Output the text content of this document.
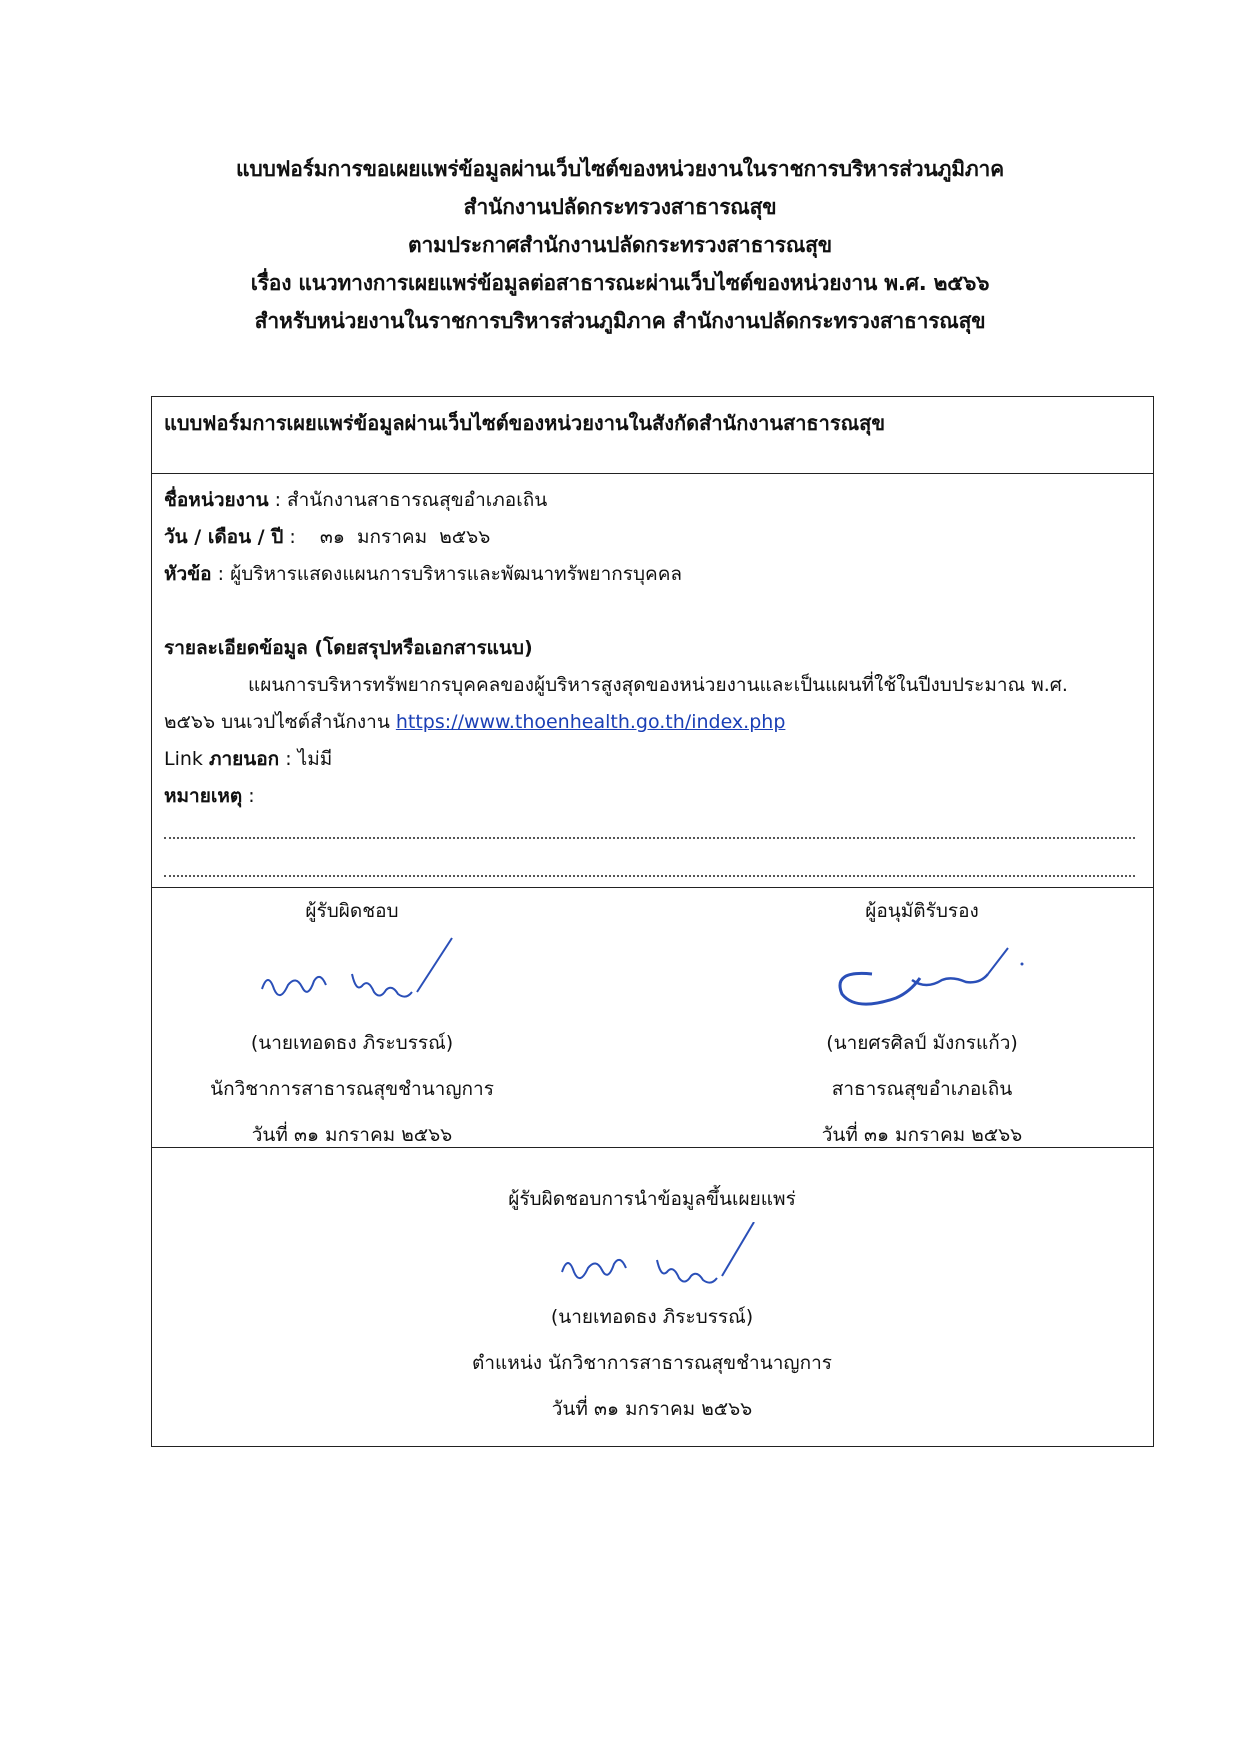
แบบฟอร์มการขอเผยแพร่ข้อมูลผ่านเว็บไซต์ของหน่วยงานในราชการบริหารส่วนภูมิภาค
สำนักงานปลัดกระทรวงสาธารณสุข
ตามประกาศสำนักงานปลัดกระทรวงสาธารณสุข
เรื่อง แนวทางการเผยแพร่ข้อมูลต่อสาธารณะผ่านเว็บไซต์ของหน่วยงาน พ.ศ. ๒๕๖๖
สำหรับหน่วยงานในราชการบริหารส่วนภูมิภาค สำนักงานปลัดกระทรวงสาธารณสุข
แบบฟอร์มการเผยแพร่ข้อมูลผ่านเว็บไซต์ของหน่วยงานในสังกัดสำนักงานสาธารณสุข
ชื่อหน่วยงาน : สำนักงานสาธารณสุขอำเภอเถิน
วัน / เดือน / ปี :    ๓๑  มกราคม  ๒๕๖๖
หัวข้อ : ผู้บริหารแสดงแผนการบริหารและพัฒนาทรัพยากรบุคคล
รายละเอียดข้อมูล (โดยสรุปหรือเอกสารแนบ)
แผนการบริหารทรัพยากรบุคคลของผู้บริหารสูงสุดของหน่วยงานและเป็นแผนที่ใช้ในปีงบประมาณ พ.ศ.
๒๕๖๖ บนเวปไซต์สำนักงาน https://www.thoenhealth.go.th/index.php
Link ภายนอก : ไม่มี
หมายเหตุ :
ผู้รับผิดชอบ
(นายเทอดธง ภิระบรรณ์)
นักวิชาการสาธารณสุขชำนาญการ
วันที่ ๓๑ มกราคม ๒๕๖๖
ผู้อนุมัติรับรอง
(นายศรศิลป์ มังกรแก้ว)
สาธารณสุขอำเภอเถิน
วันที่ ๓๑ มกราคม ๒๕๖๖
ผู้รับผิดชอบการนำข้อมูลขึ้นเผยแพร่
(นายเทอดธง ภิระบรรณ์)
ตำแหน่ง นักวิชาการสาธารณสุขชำนาญการ
วันที่ ๓๑ มกราคม ๒๕๖๖
